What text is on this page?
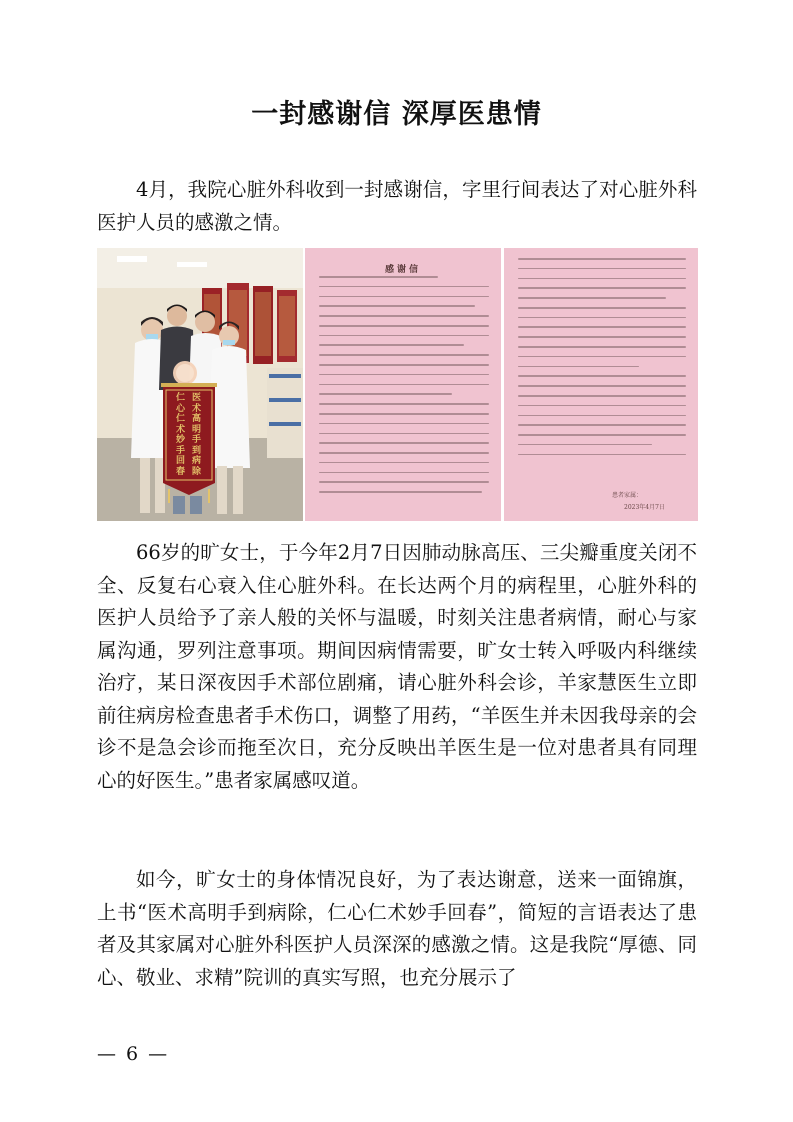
一封感谢信 深厚医患情

4月，我院心脏外科收到一封感谢信，字里行间表达了对心脏外科医护人员的感激之情。

医术高明手到病除
仁心仁术妙手回春
感谢信
患者家属：
2023年4月7日

66岁的旷女士，于今年2月7日因肺动脉高压、三尖瓣重度关闭不全、反复右心衰入住心脏外科。在长达两个月的病程里，心脏外科的医护人员给予了亲人般的关怀与温暖，时刻关注患者病情，耐心与家属沟通，罗列注意事项。期间因病情需要，旷女士转入呼吸内科继续治疗，某日深夜因手术部位剧痛，请心脏外科会诊，羊家慧医生立即前往病房检查患者手术伤口，调整了用药，“羊医生并未因我母亲的会诊不是急会诊而拖至次日，充分反映出羊医生是一位对患者具有同理心的好医生。”患者家属感叹道。

如今，旷女士的身体情况良好，为了表达谢意，送来一面锦旗，上书“医术高明手到病除，仁心仁术妙手回春”，简短的言语表达了患者及其家属对心脏外科医护人员深深的感激之情。这是我院“厚德、同心、敬业、求精”院训的真实写照，也充分展示了

— 6 —
